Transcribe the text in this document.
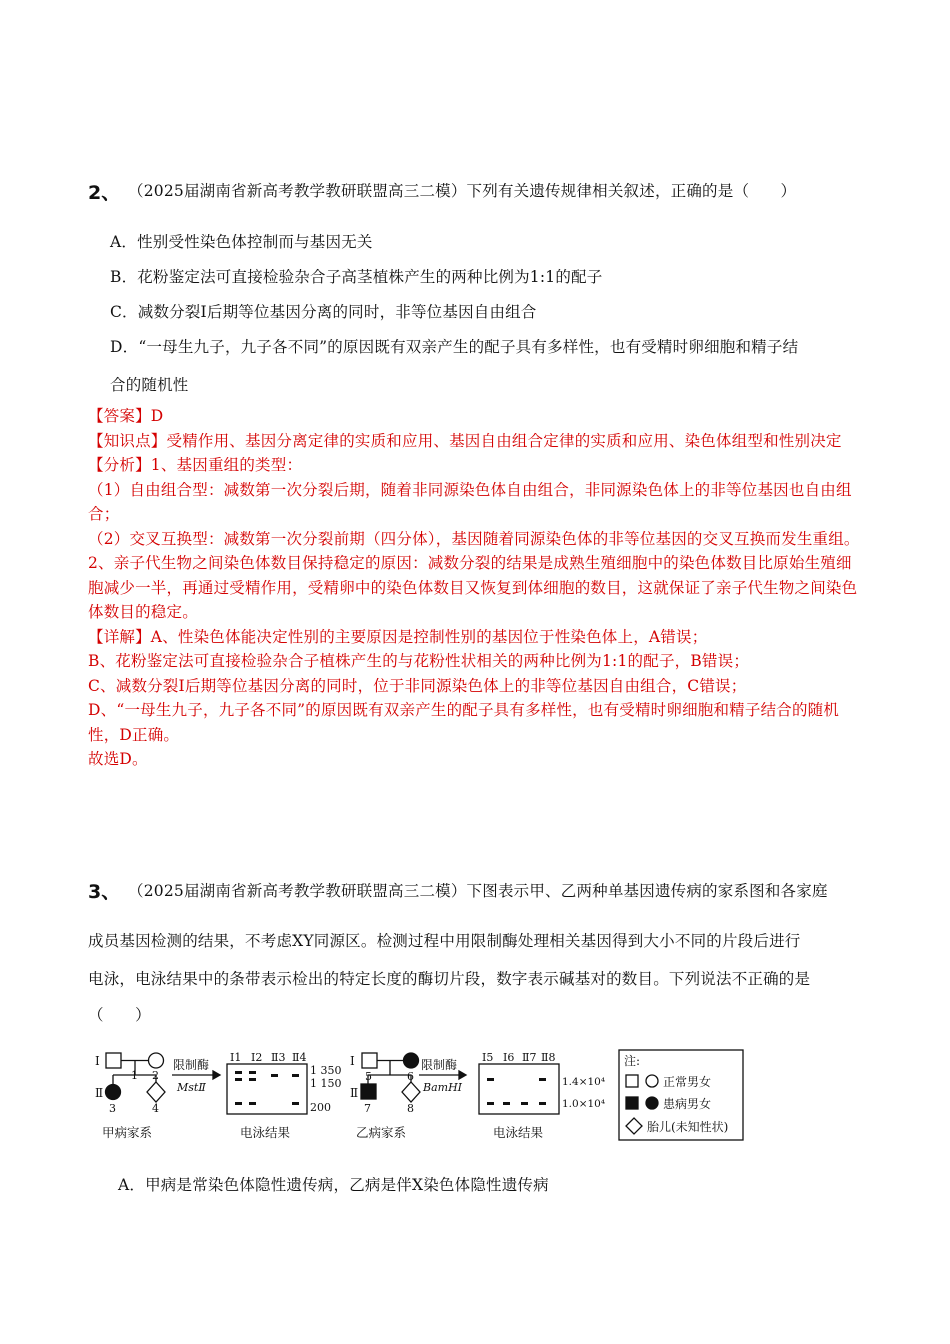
2、 （2025届湖南省新高考教学教研联盟高三二模）下列有关遗传规律相关叙述，正确的是（　　）
A．性别受性染色体控制而与基因无关
B．花粉鉴定法可直接检验杂合子高茎植株产生的两种比例为1:1的配子
C．减数分裂Ⅰ后期等位基因分离的同时，非等位基因自由组合
D．“一母生九子，九子各不同”的原因既有双亲产生的配子具有多样性，也有受精时卵细胞和精子结
合的随机性

【答案】D

【知识点】受精作用、基因分离定律的实质和应用、基因自由组合定律的实质和应用、染色体组型和性别决定

【分析】1、基因重组的类型：

（1）自由组合型：减数第一次分裂后期，随着非同源染色体自由组合，非同源染色体上的非等位基因也自由组合；

（2）交叉互换型：减数第一次分裂前期（四分体），基因随着同源染色体的非等位基因的交叉互换而发生重组。

2、亲子代生物之间染色体数目保持稳定的原因：减数分裂的结果是成熟生殖细胞中的染色体数目比原始生殖细胞减少一半，再通过受精作用，受精卵中的染色体数目又恢复到体细胞的数目，这就保证了亲子代生物之间染色体数目的稳定。

【详解】A、性染色体能决定性别的主要原因是控制性别的基因位于性染色体上，A错误；

B、花粉鉴定法可直接检验杂合子植株产生的与花粉性状相关的两种比例为1:1的配子，B错误；

C、减数分裂Ⅰ后期等位基因分离的同时，位于非同源染色体上的非等位基因自由组合，C错误；

D、“一母生九子，九子各不同”的原因既有双亲产生的配子具有多样性，也有受精时卵细胞和精子结合的随机性，D正确。

故选D。

3、 （2025届湖南省新高考教学教研联盟高三二模）下图表示甲、乙两种单基因遗传病的家系图和各家庭
成员基因检测的结果，不考虑XY同源区。检测过程中用限制酶处理相关基因得到大小不同的片段后进行
电泳，电泳结果中的条带表示检出的特定长度的酶切片段，数字表示碱基对的数目。下列说法不正确的是
（　　）
Ⅰ
Ⅱ
1 2
3	4
限制酶
MstⅡ
Ⅰ1 Ⅰ2 Ⅱ3 Ⅱ4
1 350
1 150
200
甲病家系	电泳结果
Ⅰ
Ⅱ
5	6
7	8
限制酶
BamHⅠ
Ⅰ5 Ⅰ6 Ⅱ7 Ⅱ8
1.4×10⁴
1.0×10⁴
乙病家系	电泳结果
注:
正常男女
患病男女
胎儿(未知性状)
A．甲病是常染色体隐性遗传病，乙病是伴X染色体隐性遗传病
